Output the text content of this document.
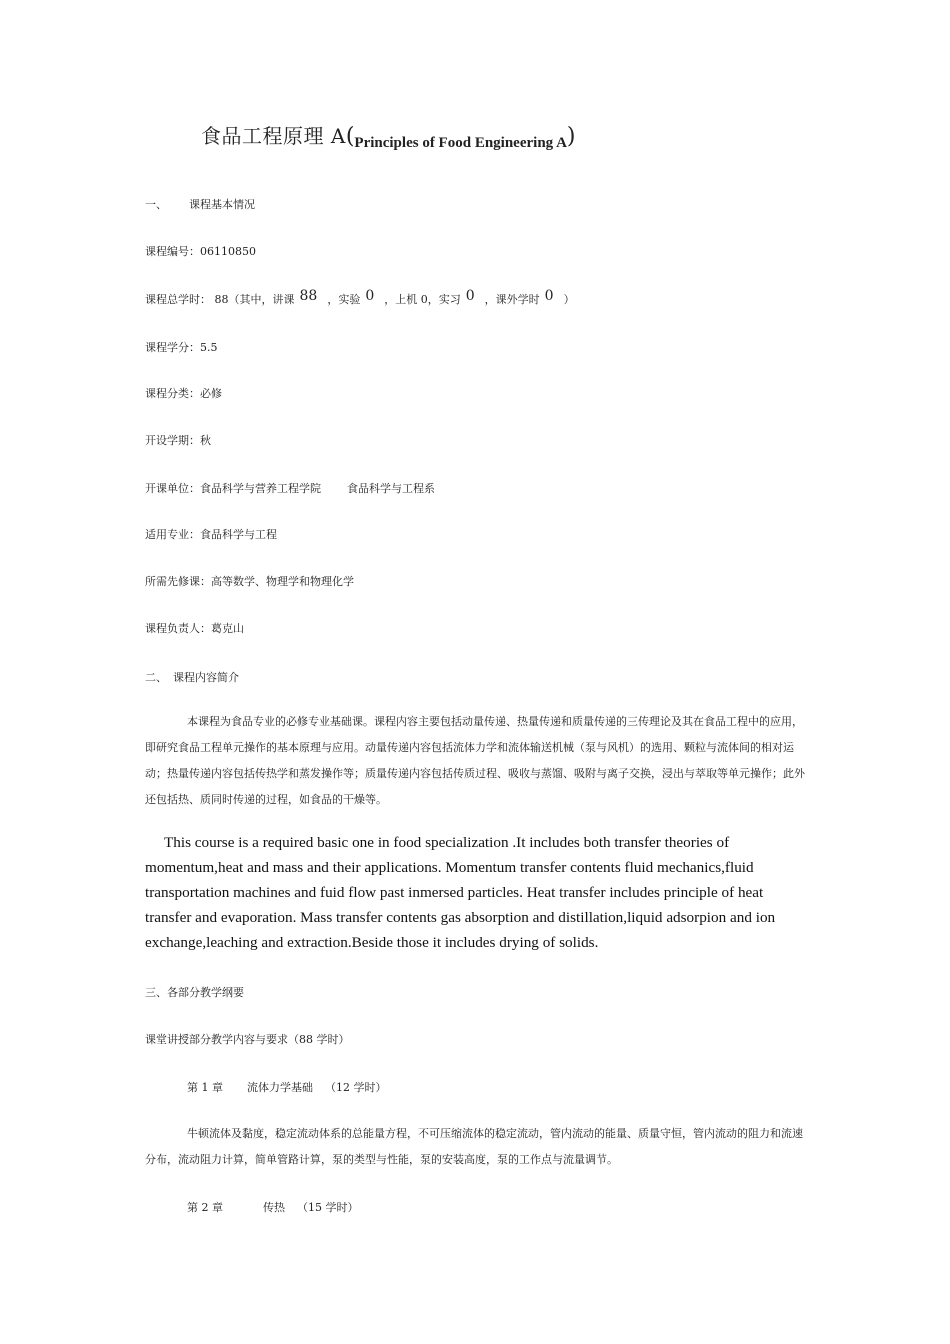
食品工程原理 $A(_{Principles of Food Engineering A})$
一、 课程基本情况
课程编号：06110850
课程总学时： 88（其中，讲课 88 ，实验 0 ，上机 0，实习 0 ，课外学时 0 ）
课程学分：5.5
课程分类：必修
开设学期：秋
开课单位：食品科学与营养工程学院 食品科学与工程系
适用专业：食品科学与工程
所需先修课：高等数学、物理学和物理化学
课程负责人：葛克山
二、 课程内容简介
本课程为食品专业的必修专业基础课。课程内容主要包括动量传递、热量传递和质量传递的三传理论及其在食品工程中的应用，即研究食品工程单元操作的基本原理与应用。动量传递内容包括流体力学和流体输送机械（泵与风机）的选用、颗粒与流体间的相对运动；热量传递内容包括传热学和蒸发操作等；质量传递内容包括传质过程、吸收与蒸馏、吸附与离子交换，浸出与萃取等单元操作；此外还包括热、质同时传递的过程，如食品的干燥等。
This course is a required basic one in food specialization .It includes both transfer theories of momentum,heat and mass and their applications. Momentum transfer contents fluid mechanics,fluid transportation machines and fuid flow past inmersed particles. Heat transfer includes principle of heat transfer and evaporation. Mass transfer contents gas absorption and distillation,liquid adsorpion and ion exchange,leaching and extraction.Beside those it includes drying of solids.
三、各部分教学纲要
课堂讲授部分教学内容与要求（88 学时）
第 1 章 流体力学基础 （12 学时）
牛顿流体及黏度，稳定流动体系的总能量方程，不可压缩流体的稳定流动，管内流动的能量、质量守恒，管内流动的阻力和流速分布，流动阻力计算，简单管路计算，泵的类型与性能，泵的安装高度，泵的工作点与流量调节。
第 2 章	传热 （15 学时）
